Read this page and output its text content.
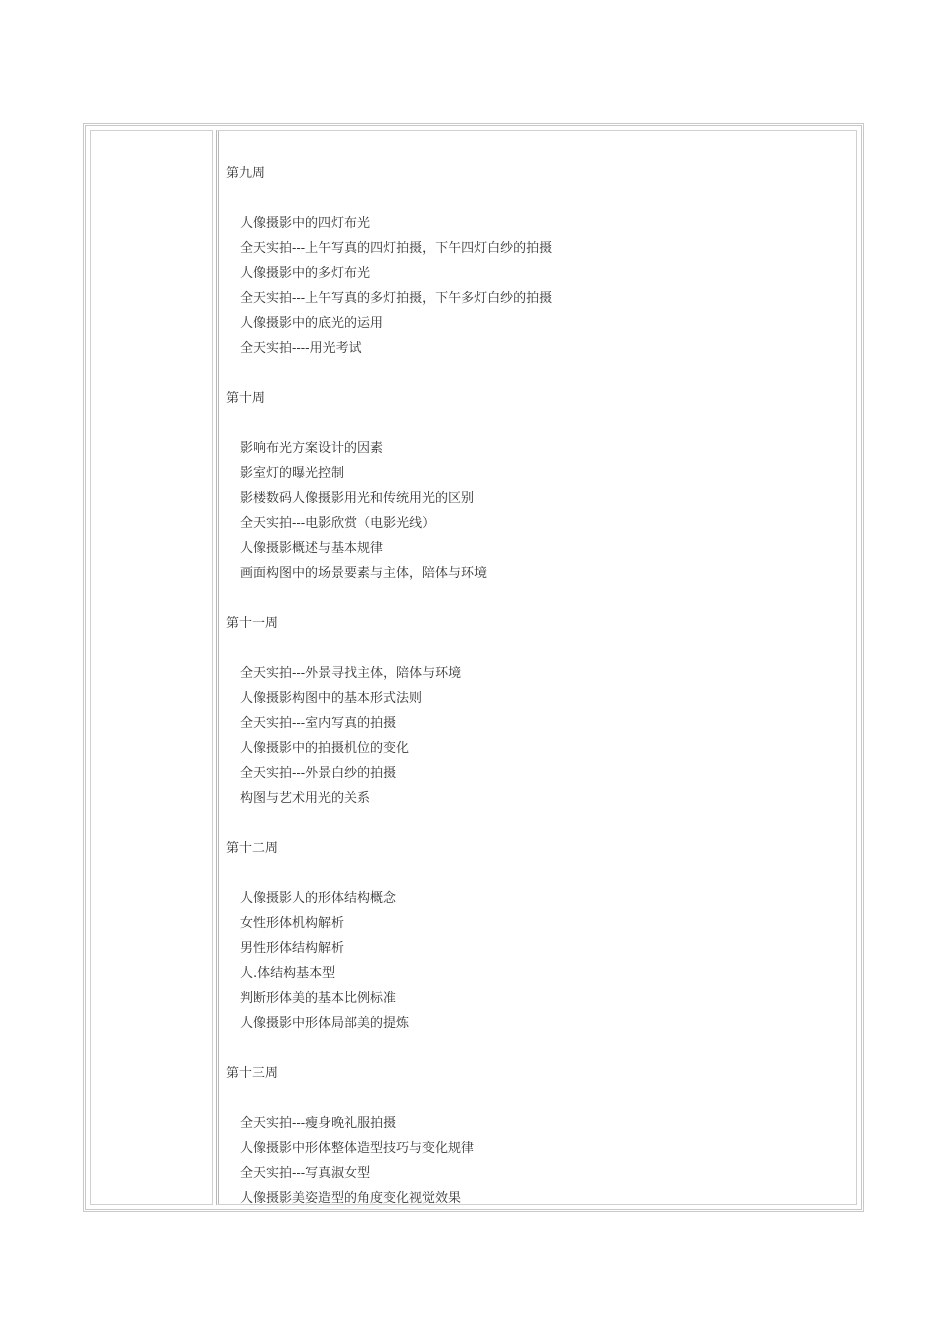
第九周
人像摄影中的四灯布光
全天实拍---上午写真的四灯拍摄，下午四灯白纱的拍摄
人像摄影中的多灯布光
全天实拍---上午写真的多灯拍摄，下午多灯白纱的拍摄
人像摄影中的底光的运用
全天实拍----用光考试
第十周
影响布光方案设计的因素
影室灯的曝光控制
影楼数码人像摄影用光和传统用光的区别
全天实拍---电影欣赏（电影光线）
人像摄影概述与基本规律
画面构图中的场景要素与主体，陪体与环境
第十一周
全天实拍---外景寻找主体，陪体与环境
人像摄影构图中的基本形式法则
全天实拍---室内写真的拍摄
人像摄影中的拍摄机位的变化
全天实拍---外景白纱的拍摄
构图与艺术用光的关系
第十二周
人像摄影人的形体结构概念
女性形体机构解析
男性形体结构解析
人.体结构基本型
判断形体美的基本比例标准
人像摄影中形体局部美的提炼
第十三周
全天实拍---瘦身晚礼服拍摄
人像摄影中形体整体造型技巧与变化规律
全天实拍---写真淑女型
人像摄影美姿造型的角度变化视觉效果
